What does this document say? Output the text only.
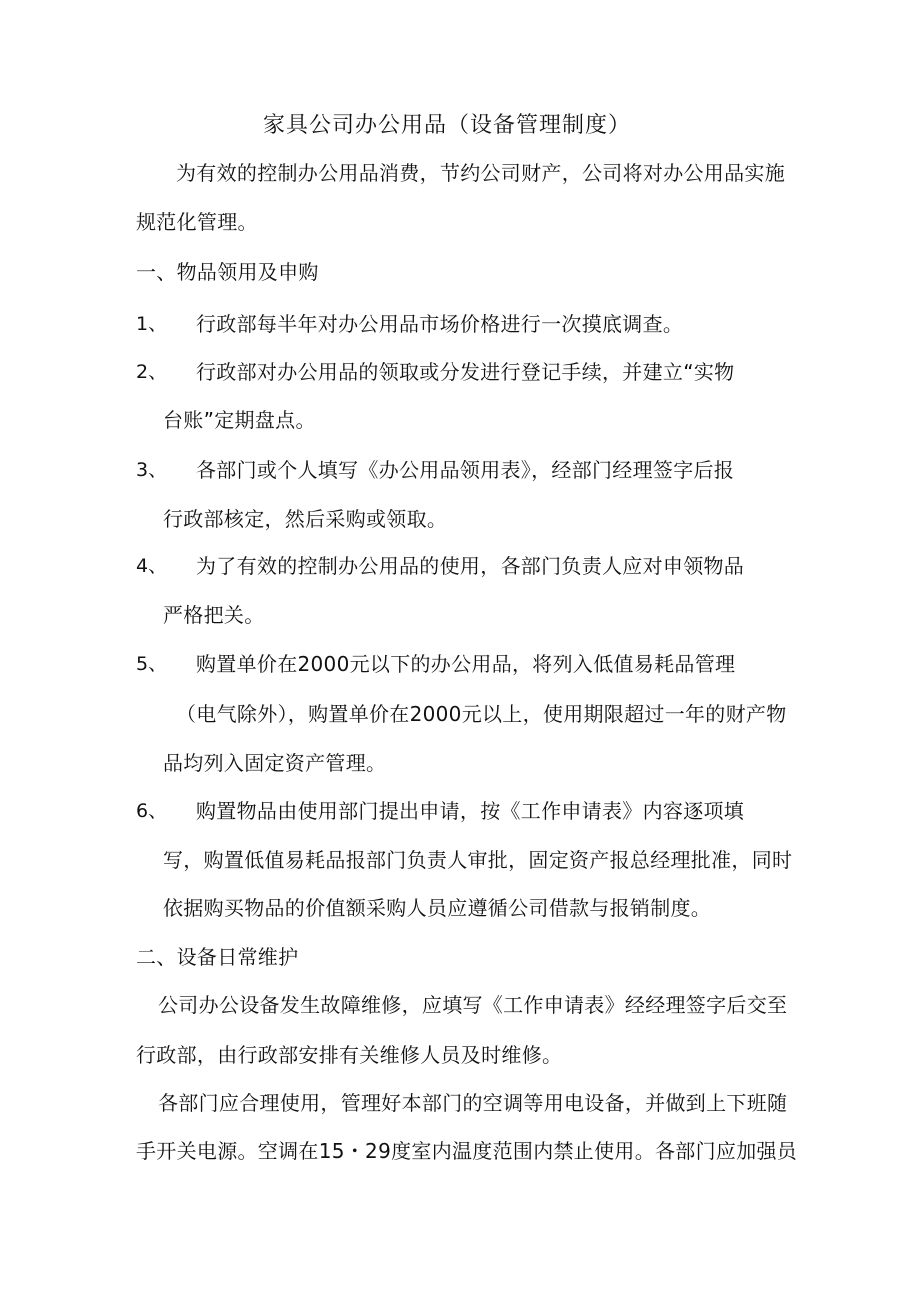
家具公司办公用品（设备管理制度）
为有效的控制办公用品消费，节约公司财产，公司将对办公用品实施
规范化管理。
一、物品领用及申购
1、 行政部每半年对办公用品市场价格进行一次摸底调查。
2、 行政部对办公用品的领取或分发进行登记手续，并建立“实物
台账”定期盘点。
3、 各部门或个人填写《办公用品领用表》，经部门经理签字后报
行政部核定，然后采购或领取。
4、 为了有效的控制办公用品的使用，各部门负责人应对申领物品
严格把关。
5、 购置单价在2000元以下的办公用品，将列入低值易耗品管理
（电气除外），购置单价在2000元以上，使用期限超过一年的财产物
品均列入固定资产管理。
6、 购置物品由使用部门提出申请，按《工作申请表》内容逐项填
写，购置低值易耗品报部门负责人审批，固定资产报总经理批准，同时
依据购买物品的价值额采购人员应遵循公司借款与报销制度。
二、设备日常维护
公司办公设备发生故障维修，应填写《工作申请表》经经理签字后交至
行政部，由行政部安排有关维修人员及时维修。
各部门应合理使用，管理好本部门的空调等用电设备，并做到上下班随
手开关电源。空调在15・29度室内温度范围内禁止使用。各部门应加强员
